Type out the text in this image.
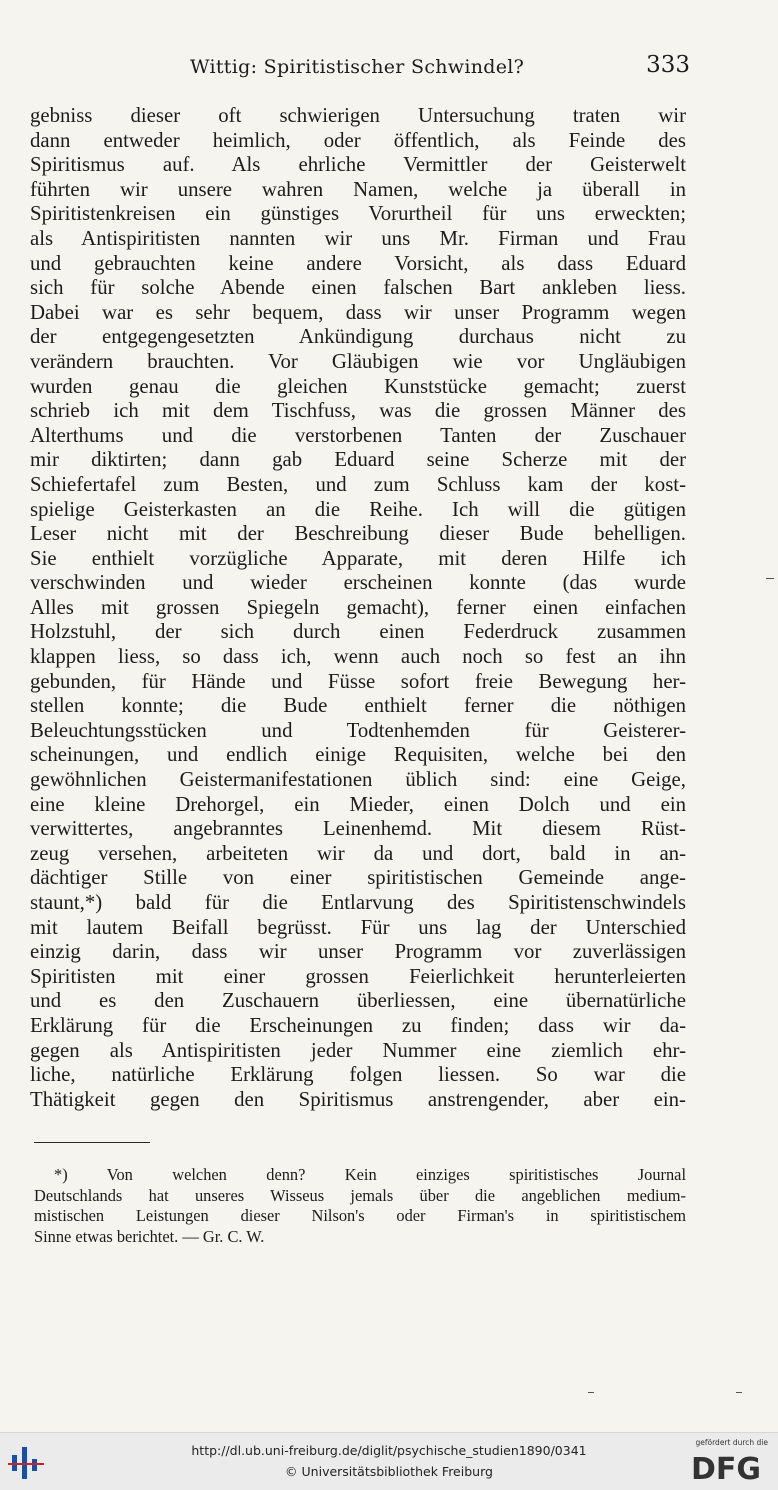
Wittig: Spiritistischer Schwindel?	333
gebniss dieser oft schwierigen Untersuchung traten wir
dann entweder heimlich, oder öffentlich, als Feinde des
Spiritismus auf. Als ehrliche Vermittler der Geisterwelt
führten wir unsere wahren Namen, welche ja überall in
Spiritistenkreisen ein günstiges Vorurtheil für uns erweckten;
als Antispiritisten nannten wir uns Mr. Firman und Frau
und gebrauchten keine andere Vorsicht, als dass Eduard
sich für solche Abende einen falschen Bart ankleben liess.
Dabei war es sehr bequem, dass wir unser Programm wegen
der entgegengesetzten Ankündigung durchaus nicht zu
verändern brauchten. Vor Gläubigen wie vor Ungläubigen
wurden genau die gleichen Kunststücke gemacht; zuerst
schrieb ich mit dem Tischfuss, was die grossen Männer des
Alterthums und die verstorbenen Tanten der Zuschauer
mir diktirten; dann gab Eduard seine Scherze mit der
Schiefertafel zum Besten, und zum Schluss kam der kost-
spielige Geisterkasten an die Reihe. Ich will die gütigen
Leser nicht mit der Beschreibung dieser Bude behelligen.
Sie enthielt vorzügliche Apparate, mit deren Hilfe ich
verschwinden und wieder erscheinen konnte (das wurde
Alles mit grossen Spiegeln gemacht), ferner einen einfachen
Holzstuhl, der sich durch einen Federdruck zusammen
klappen liess, so dass ich, wenn auch noch so fest an ihn
gebunden, für Hände und Füsse sofort freie Bewegung her-
stellen konnte; die Bude enthielt ferner die nöthigen
Beleuchtungsstücken und Todtenhemden für Geisterer-
scheinungen, und endlich einige Requisiten, welche bei den
gewöhnlichen Geistermanifestationen üblich sind: eine Geige,
eine kleine Drehorgel, ein Mieder, einen Dolch und ein
verwittertes, angebranntes Leinenhemd. Mit diesem Rüst-
zeug versehen, arbeiteten wir da und dort, bald in an-
dächtiger Stille von einer spiritistischen Gemeinde ange-
staunt,*) bald für die Entlarvung des Spiritistenschwindels
mit lautem Beifall begrüsst. Für uns lag der Unterschied
einzig darin, dass wir unser Programm vor zuverlässigen
Spiritisten mit einer grossen Feierlichkeit herunterleierten
und es den Zuschauern überliessen, eine übernatürliche
Erklärung für die Erscheinungen zu finden; dass wir da-
gegen als Antispiritisten jeder Nummer eine ziemlich ehr-
liche, natürliche Erklärung folgen liessen. So war die
Thätigkeit gegen den Spiritismus anstrengender, aber ein-
*) Von welchen denn? Kein einziges spiritistisches Journal
Deutschlands hat unseres Wisseus jemals über die angeblichen medium-
mistischen Leistungen dieser Nilson's oder Firman's in spiritistischem
Sinne etwas berichtet. — Gr. C. W.
http://dl.ub.uni-freiburg.de/diglit/psychische_studien1890/0341
© Universitätsbibliothek Freiburg
gefördert durch die
DFG
